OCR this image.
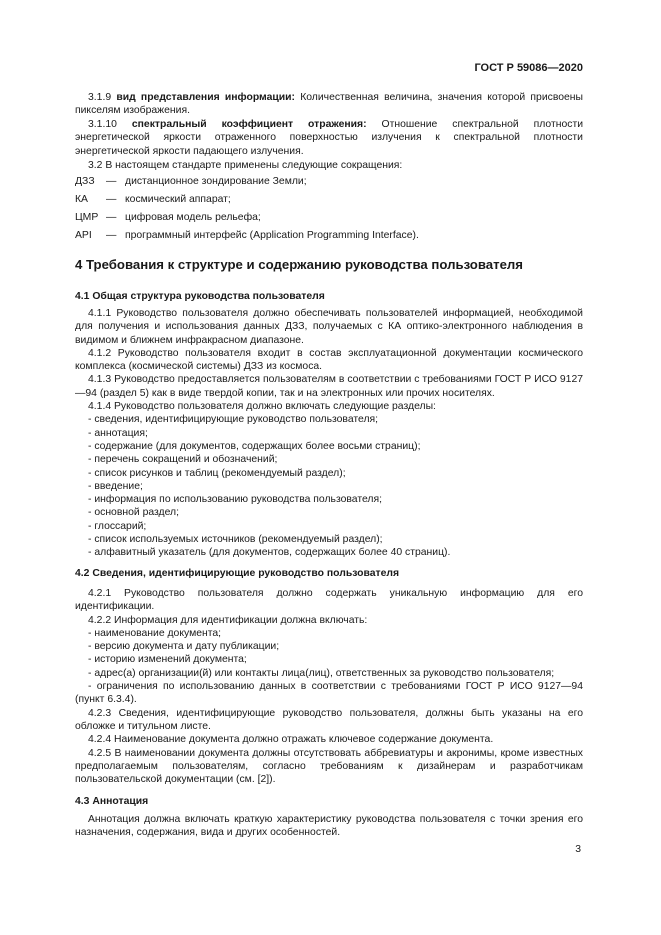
ГОСТ Р 59086—2020

3.1.9 вид представления информации: Количественная величина, значения которой присвоены пикселям изображения.

3.1.10 спектральный коэффициент отражения: Отношение спектральной плотности энергетической яркости отраженного поверхностью излучения к спектральной плотности энергетической яркости падающего излучения.

3.2 В настоящем стандарте применены следующие сокращения:

ДЗЗ	— дистанционное зондирование Земли;
КА	— космический аппарат;
ЦМР — цифровая модель рельефа;
API	— программный интерфейс (Application Programming Interface).
4 Требования к структуре и содержанию руководства пользователя
4.1 Общая структура руководства пользователя

4.1.1 Руководство пользователя должно обеспечивать пользователей информацией, необходимой для получения и использования данных ДЗЗ, получаемых с КА оптико-электронного наблюдения в видимом и ближнем инфракрасном диапазоне.

4.1.2 Руководство пользователя входит в состав эксплуатационной документации космического комплекса (космической системы) ДЗЗ из космоса.

4.1.3 Руководство предоставляется пользователям в соответствии с требованиями ГОСТ Р ИСО 9127—94 (раздел 5) как в виде твердой копии, так и на электронных или прочих носителях.

4.1.4 Руководство пользователя должно включать следующие разделы:

- сведения, идентифицирующие руководство пользователя;

- аннотация;

- содержание (для документов, содержащих более восьми страниц);

- перечень сокращений и обозначений;

- список рисунков и таблиц (рекомендуемый раздел);

- введение;

- информация по использованию руководства пользователя;

- основной раздел;

- глоссарий;

- список используемых источников (рекомендуемый раздел);

- алфавитный указатель (для документов, содержащих более 40 страниц).

4.2 Сведения, идентифицирующие руководство пользователя

4.2.1 Руководство пользователя должно содержать уникальную информацию для его идентификации.

4.2.2 Информация для идентификации должна включать:

- наименование документа;

- версию документа и дату публикации;

- историю изменений документа;

- адрес(а) организации(й) или контакты лица(лиц), ответственных за руководство пользователя;

- ограничения по использованию данных в соответствии с требованиями ГОСТ Р ИСО 9127—94 (пункт 6.3.4).

4.2.3 Сведения, идентифицирующие руководство пользователя, должны быть указаны на его обложке и титульном листе.

4.2.4 Наименование документа должно отражать ключевое содержание документа.

4.2.5 В наименовании документа должны отсутствовать аббревиатуры и акронимы, кроме известных предполагаемым пользователям, согласно требованиям к дизайнерам и разработчикам пользовательской документации (см. [2]).

4.3 Аннотация

Аннотация должна включать краткую характеристику руководства пользователя с точки зрения его назначения, содержания, вида и других особенностей.

3
